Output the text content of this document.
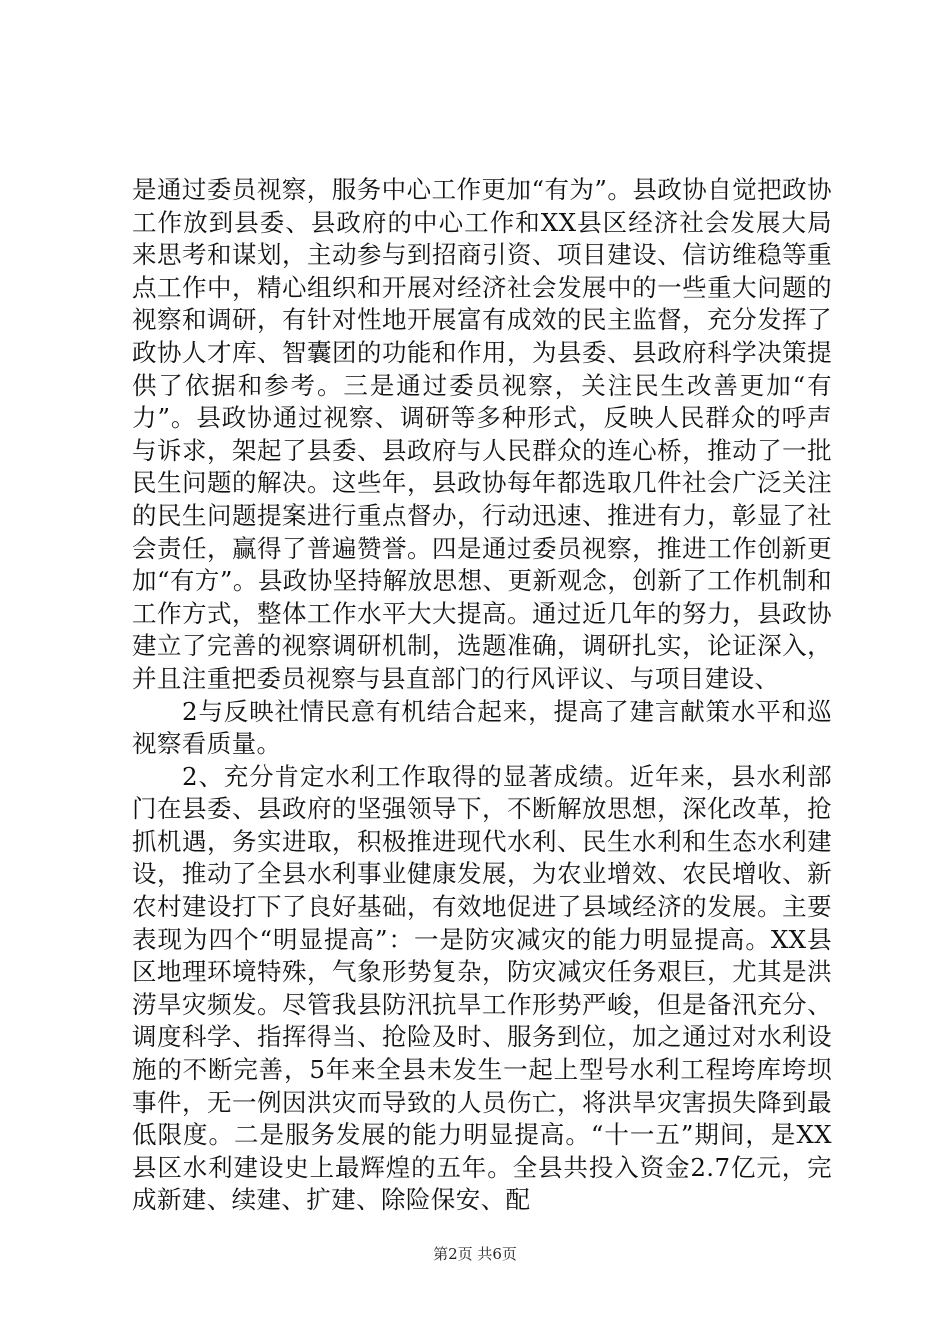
是通过委员视察，服务中心工作更加“有为”。县政协自觉把政协工作放到县委、县政府的中心工作和XX县区经济社会发展大局来思考和谋划，主动参与到招商引资、项目建设、信访维稳等重点工作中，精心组织和开展对经济社会发展中的一些重大问题的视察和调研，有针对性地开展富有成效的民主监督，充分发挥了政协人才库、智囊团的功能和作用，为县委、县政府科学决策提供了依据和参考。三是通过委员视察，关注民生改善更加“有力”。县政协通过视察、调研等多种形式，反映人民群众的呼声与诉求，架起了县委、县政府与人民群众的连心桥，推动了一批民生问题的解决。这些年，县政协每年都选取几件社会广泛关注的民生问题提案进行重点督办，行动迅速、推进有力，彰显了社会责任，赢得了普遍赞誉。四是通过委员视察，推进工作创新更加“有方”。县政协坚持解放思想、更新观念，创新了工作机制和工作方式，整体工作水平大大提高。通过近几年的努力，县政协建立了完善的视察调研机制，选题准确，调研扎实，论证深入，并且注重把委员视察与县直部门的行风评议、与项目建设、

2与反映社情民意有机结合起来，提高了建言献策水平和巡视察看质量。

2、充分肯定水利工作取得的显著成绩。近年来，县水利部门在县委、县政府的坚强领导下，不断解放思想，深化改革，抢抓机遇，务实进取，积极推进现代水利、民生水利和生态水利建设，推动了全县水利事业健康发展，为农业增效、农民增收、新农村建设打下了良好基础，有效地促进了县域经济的发展。主要表现为四个“明显提高”：一是防灾减灾的能力明显提高。XX县区地理环境特殊，气象形势复杂，防灾减灾任务艰巨，尤其是洪涝旱灾频发。尽管我县防汛抗旱工作形势严峻，但是备汛充分、调度科学、指挥得当、抢险及时、服务到位，加之通过对水利设施的不断完善，5年来全县未发生一起上型号水利工程垮库垮坝事件，无一例因洪灾而导致的人员伤亡，将洪旱灾害损失降到最低限度。二是服务发展的能力明显提高。“十一五”期间，是XX县区水利建设史上最辉煌的五年。全县共投入资金2.7亿元，完成新建、续建、扩建、除险保安、配

第2页 共6页
